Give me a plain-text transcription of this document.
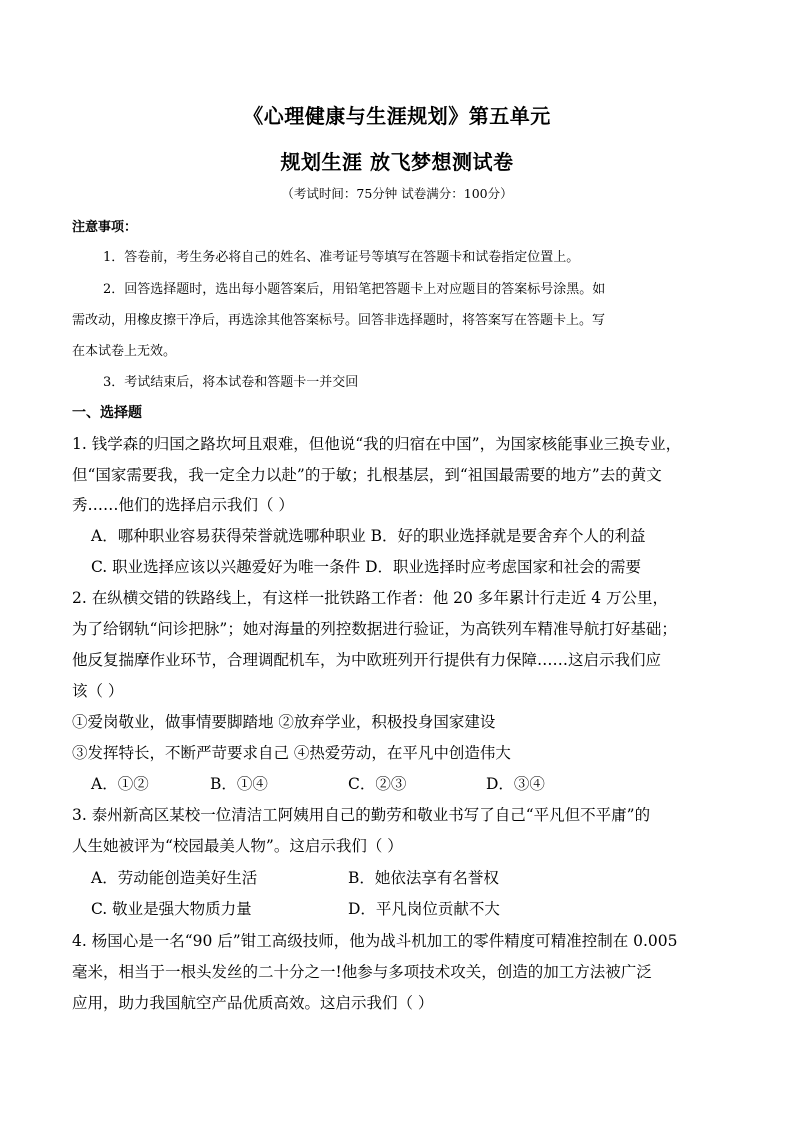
《心理健康与生涯规划》第五单元
规划生涯 放飞梦想测试卷
（考试时间：75分钟 试卷满分：100分）
注意事项：
1．答卷前，考生务必将自己的姓名、准考证号等填写在答题卡和试卷指定位置上。
2．回答选择题时，选出每小题答案后，用铅笔把答题卡上对应题目的答案标号涂黑。如
需改动，用橡皮擦干净后，再选涂其他答案标号。回答非选择题时，将答案写在答题卡上。写
在本试卷上无效。
3．考试结束后，将本试卷和答题卡一并交回
一、选择题
1. 钱学森的归国之路坎坷且艰难，但他说“我的归宿在中国”，为国家核能事业三换专业，
但“国家需要我，我一定全力以赴”的于敏；扎根基层，到“祖国最需要的地方”去的黄文
秀……他们的选择启示我们（ ）
A．哪种职业容易获得荣誉就选哪种职业 B．好的职业选择就是要舍弃个人的利益
C. 职业选择应该以兴趣爱好为唯一条件 D．职业选择时应考虑国家和社会的需要
2. 在纵横交错的铁路线上，有这样一批铁路工作者：他 20 多年累计行走近 4 万公里，
为了给钢轨“问诊把脉”；她对海量的列控数据进行验证，为高铁列车精准导航打好基础；
他反复揣摩作业环节，合理调配机车，为中欧班列开行提供有力保障……这启示我们应
该（ ）
①爱岗敬业，做事情要脚踏地 ②放弃学业，积极投身国家建设
③发挥特长，不断严苛要求自己 ④热爱劳动，在平凡中创造伟大
A．①②	B．①④	C．②③	D．③④
3. 泰州新高区某校一位清洁工阿姨用自己的勤劳和敬业书写了自己“平凡但不平庸”的
人生她被评为“校园最美人物”。这启示我们（ ）
A．劳动能创造美好生活	B．她依法享有名誉权
C. 敬业是强大物质力量	D．平凡岗位贡献不大
4. 杨国心是一名“90 后”钳工高级技师，他为战斗机加工的零件精度可精准控制在 0.005
毫米，相当于一根头发丝的二十分之一!他参与多项技术攻关，创造的加工方法被广泛
应用，助力我国航空产品优质高效。这启示我们（ ）
